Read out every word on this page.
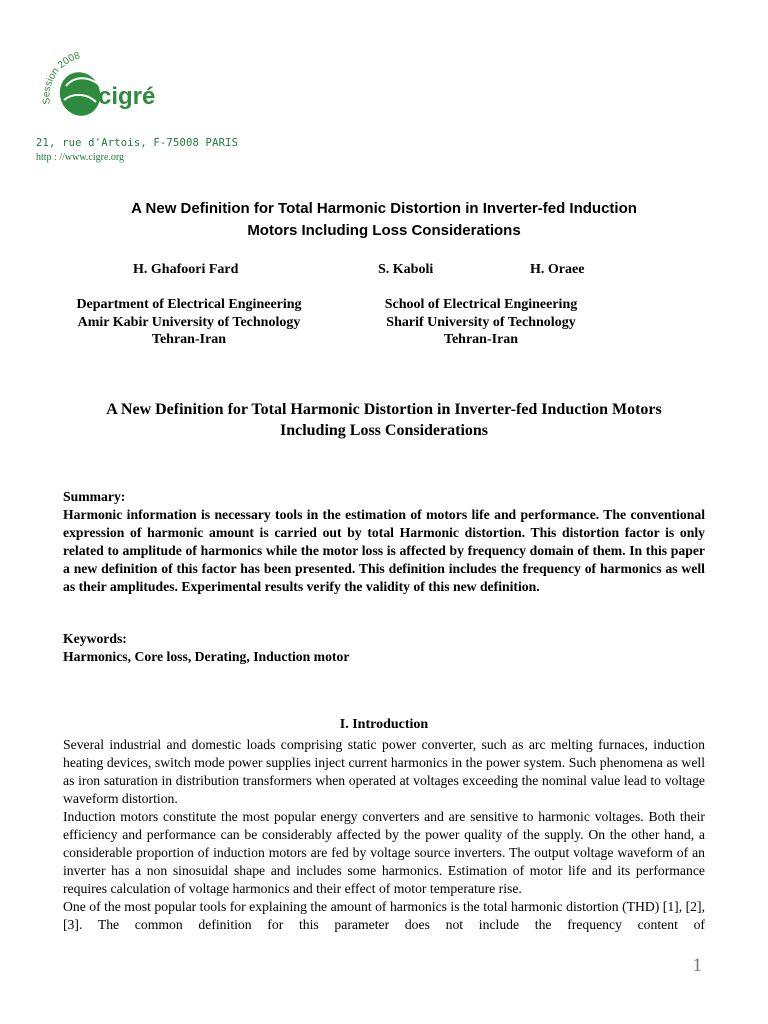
Session 2008
cigré
21, rue d'Artois, F-75008 PARIS
http : //www.cigre.org
A New Definition for Total Harmonic Distortion in Inverter-fed Induction
Motors Including Loss Considerations
H. Ghafoori Fard	S. Kaboli	H. Oraee
Department of Electrical Engineering
Amir Kabir University of Technology
Tehran-Iran
School of Electrical Engineering
Sharif University of Technology
Tehran-Iran
A New Definition for Total Harmonic Distortion in Inverter-fed Induction Motors
Including Loss Considerations
Summary:
Harmonic information is necessary tools in the estimation of motors life and performance. The conventional expression of harmonic amount is carried out by total Harmonic distortion. This distortion factor is only related to amplitude of harmonics while the motor loss is affected by frequency domain of them. In this paper a new definition of this factor has been presented. This definition includes the frequency of harmonics as well as their amplitudes. Experimental results verify the validity of this new definition.
Keywords:
Harmonics, Core loss, Derating, Induction motor
I. Introduction
Several industrial and domestic loads comprising static power converter, such as arc melting furnaces, induction heating devices, switch mode power supplies inject current harmonics in the power system. Such phenomena as well as iron saturation in distribution transformers when operated at voltages exceeding the nominal value lead to voltage waveform distortion.
Induction motors constitute the most popular energy converters and are sensitive to harmonic voltages. Both their efficiency and performance can be considerably affected by the power quality of the supply. On the other hand, a considerable proportion of induction motors are fed by voltage source inverters. The output voltage waveform of an inverter has a non sinosuidal shape and includes some harmonics. Estimation of motor life and its performance requires calculation of voltage harmonics and their effect of motor temperature rise.
One of the most popular tools for explaining the amount of harmonics is the total harmonic distortion (THD) [1], [2], [3]. The common definition for this parameter does not include the frequency content of
1
